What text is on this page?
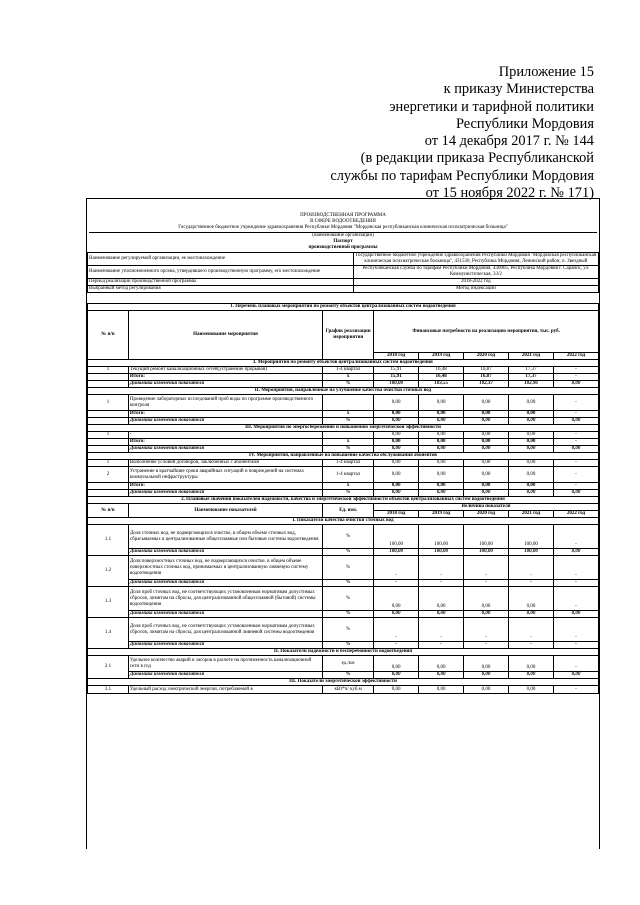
Приложение 15
к приказу Министерства
энергетики и тарифной политики
Республики Мордовия
от 14 декабря 2017 г. № 144
(в редакции приказа Республиканской
службы по тарифам Республики Мордовия
от 15 ноября 2022 г. № 171)
ПРОИЗВОДСТВЕННАЯ ПРОГРАММА
В СФЕРЕ ВОДООТВЕДЕНИЯ
Государственное бюджетное учреждение здравоохранения Республики Мордовия "Мордовская республиканская клиническая психиатрическая больница"
(наименование организации)
Паспорт
производственной программы
Наименование регулируемой организации, ее местонахождение	Государственное бюджетное учреждение здравоохранения Республики Мордовия "Мордовская республиканская клиническая психиатрическая больница", 431530, Республика Мордовия, Ленинский район, п. Звездный
Наименование уполномоченного органа, утвердившего производственную программу, его местонахождение	Республиканская служба по тарифам Республики Мордовия, 430005, Республика Мордовия г. Саранск, ул. Коммунистическая, 33/2
Период реализации производственной программы	2018-2022 год
Выбранный метод регулирования	Метод индексации
1. Перечень плановых мероприятий по ремонту объектов централизованных систем водоотведения							
№ п/п	Наименование мероприятия	График реализации мероприятия	Финансовые потребности на реализацию мероприятия, тыс. руб.				
			2018 год	2019 год	2020 год	2021 год	2022 год
I. Мероприятия по ремонту объектов централизованных систем водоотведения							
1	Текущий ремонт канализационных сетей(устранение прорывов)	1-4 квартал	15,91	16,48	16,87	17,37	-
	Итого:	х	15,91	16,48	16,87	17,37	-
	Динамика изменения показателя	%	100,00	103,55	102,37	102,96	0,00
II. Мероприятия, направленные на улучшение качества очистки сточных вод							
1	Проведение лабораторных исследований проб воды по программе производственного контроля		0,00	0,00	0,00	0,00	-
	Итого:	х	0,00	0,00	0,00	0,00	-
	Динамика изменения показателя	%	0,00	0,00	0,00	0,00	0,00
III. Мероприятия по энергосбережению и повышению энергетической эффективности							
1	-		0,00	0,00	0,00	0,00	-
	Итого:	х	0,00	0,00	0,00	0,00	-
	Динамика изменения показателя	%	0,00	0,00	0,00	0,00	0,00
IV. Мероприятия, направленные на повышение качества обслуживания абонентов							
1	Выполнение условий договоров, заключенных с абонентами	1-4 квартал	0,00	0,00	0,00	0,00	-
2	Устранение в кратчайшие сроки аварийных ситуаций и повреждений на системах коммунальной инфраструктуры	1-4 квартал	0,00	0,00	0,00	0,00	-
	Итого:	х	0,00	0,00	0,00	0,00	-
	Динамика изменения показателя	%	0,00	0,00	0,00	0,00	0,00
2. Плановые значения показателей надежности, качества и энергетической эффективности объектов централизованных систем водоотведения							
№ п/п	Наименование показателей	Ед. изм.	Величина показателя				
			2018 год	2019 год	2020 год	2021 год	2022 год
I. Показатели качества очистки сточных вод							
1.1	Доля сточных вод, не подвергающихся очистке, в общем объеме сточных вод, сбрасываемых в централизованные общесплавные или бытовые системы водоотведения	%	100,00	100,00	100,00	100,00	-
	Динамика изменения показателя	%	100,00	100,00	100,00	100,00	0,00
1.2	Доля поверхностных сточных вод, не подвергающихся очистке, в общем объеме поверхностных сточных вод, принимаемых в централизованную ливневую систему водоотведения	%	-	-	-	-	-
	Динамика изменения показателя	%	-	-	-	-	-
1.3	Доля проб сточных вод, не соответствующих установленным нормативам допустимых сбросов, лимитам на сбросы, для централизованной общесплавной (бытовой) системы водоотведения	%	0,00	0,00	0,00	0,00	-
	Динамика изменения показателя	%	0,00	0,00	0,00	0,00	0,00
1.4	Доля проб сточных вод, не соответствующих установленным нормативам допустимых сбросов, лимитам на сбросы, для централизованной ливневой системы водоотведения	%	-	-	-	-	-
	Динамика изменения показателя	%	-	-	-	-	-
II. Показатели надежности и бесперебойности водоотведения							
2.1	Удельное количество аварий и засоров в расчете на протяженность канализационной сети в год	ед./км	0,00	0,00	0,00	0,00	-
	Динамика изменения показателя	%	0,00	0,00	0,00	0,00	0,00
III. Показатели энергетической эффективности							
3.1	Удельный расход электрической энергии, потребляемой в	кВт*ч/ куб.м	0,00	0,00	0,00	0,00	-
